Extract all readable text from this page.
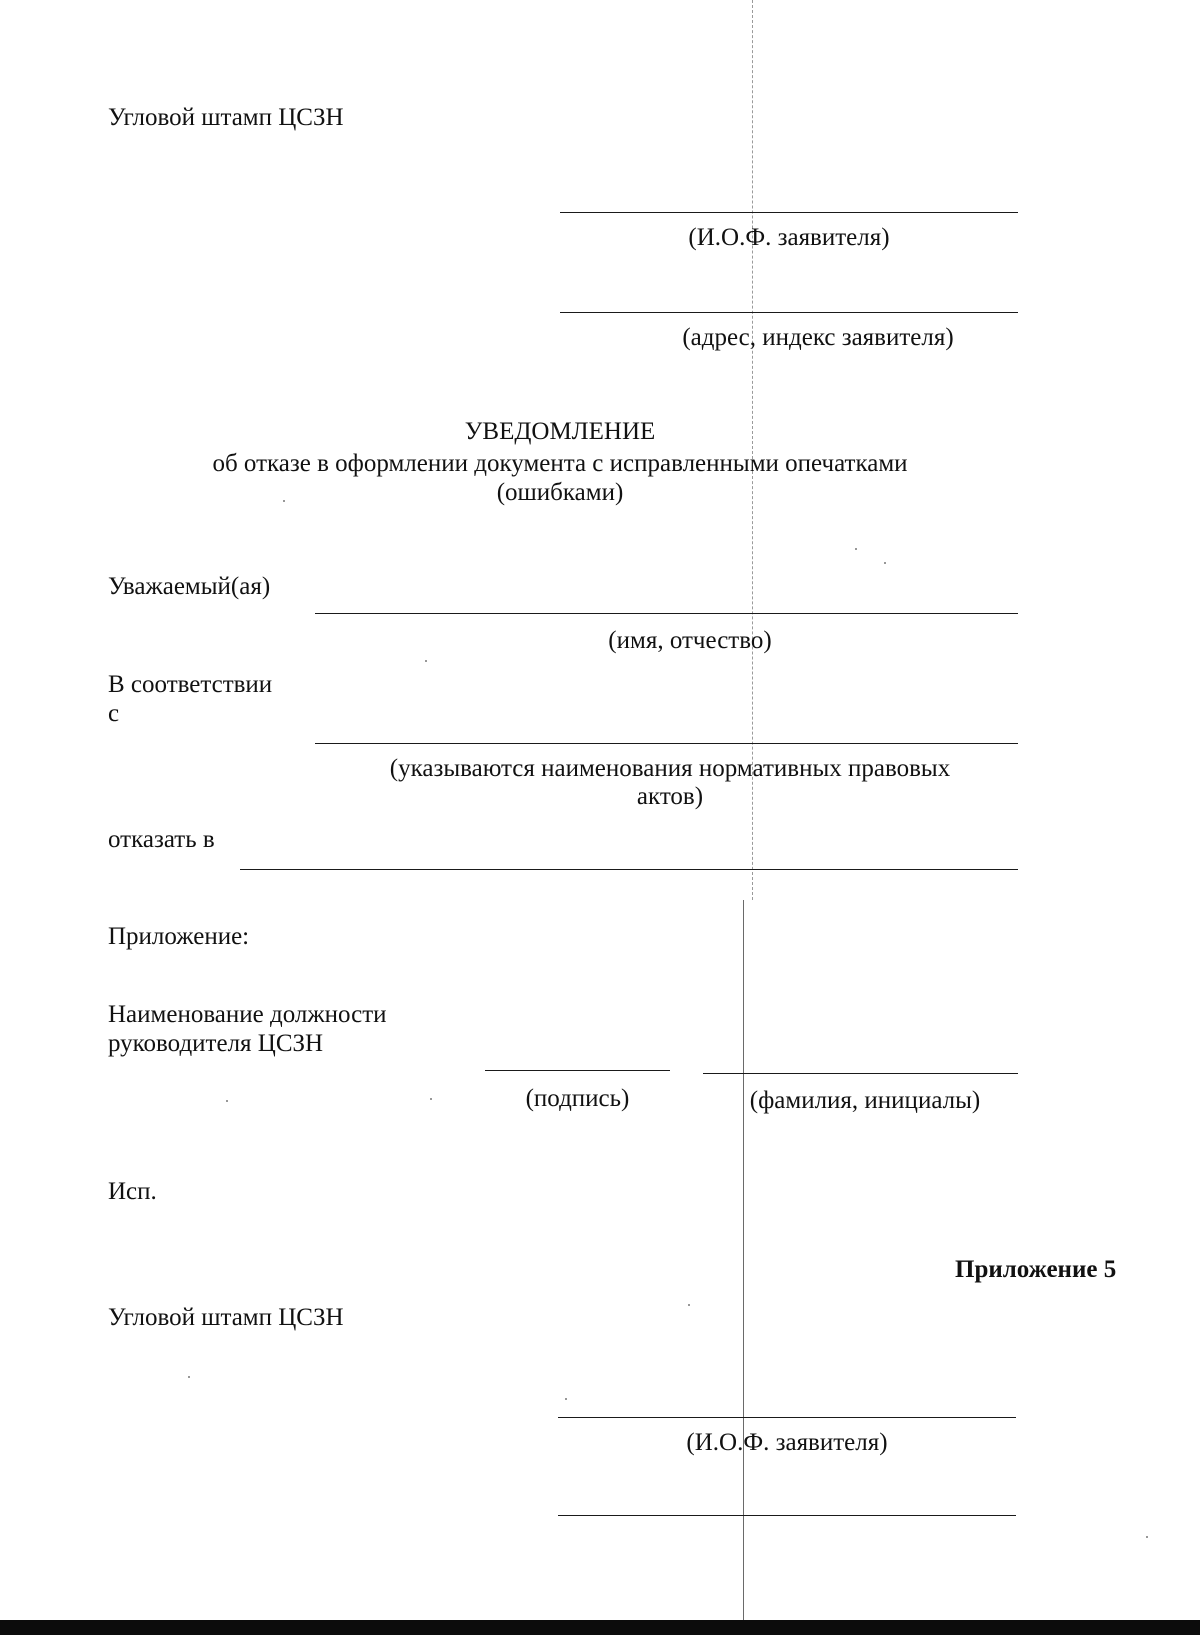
Угловой штамп ЦСЗН
(И.О.Ф. заявителя)
(адрес, индекс заявителя)
УВЕДОМЛЕНИЕ
об отказе в оформлении документа с исправленными опечатками
(ошибками)
Уважаемый(ая)
(имя, отчество)
В соответствии
с
(указываются наименования нормативных правовых
актов)
отказать в
Приложение:
Наименование должности
руководителя ЦСЗН
(подпись)	(фамилия, инициалы)
Исп.
Приложение 5
Угловой штамп ЦСЗН
(И.О.Ф. заявителя)
